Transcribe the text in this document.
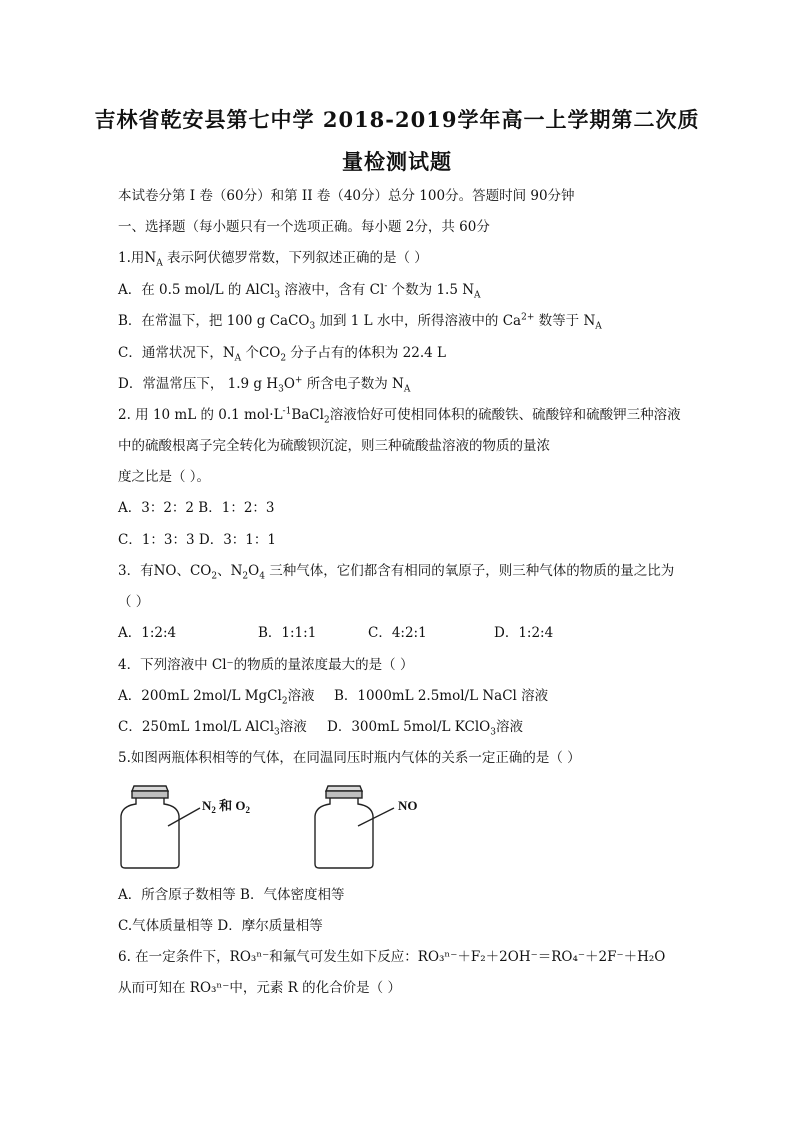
吉林省乾安县第七中学 2018-2019学年高一上学期第二次质
量检测试题
本试卷分第 I 卷（60分）和第 II 卷（40分）总分 100分。答题时间 90分钟
一、选择题（每小题只有一个选项正确。每小题 2分，共 60分
1.用$N_A$ 表示阿伏德罗常数，下列叙述正确的是（ ）
A．在 0.5 mol/L 的 AlCl$_3$ 溶液中，含有 Cl- 个数为 1.5 $N_A$
B．在常温下，把 100 g CaCO$_3$ 加到 1 L 水中，所得溶液中的 $Ca^{2+}$ 数等于 $N_A$
C．通常状况下，$N_A$ 个$CO_2$ 分子占有的体积为 22.4 L
D．常温常压下， 1.9 g $H_3O^+$ 所含电子数为 $N_A$
2. 用 10 mL 的 0.1 $mol\cdot L^{-1}BaCl_2$溶液恰好可使相同体积的硫酸铁、硫酸锌和硫酸钾三种溶液
中的硫酸根离子完全转化为硫酸钡沉淀，则三种硫酸盐溶液的物质的量浓
度之比是（ ）。
A．3：2：2 B．1：2：3
C．1：3：3 D．3：1：1
3．有NO、$CO_2$、$N_2O_4$ 三种气体，它们都含有相同的氧原子，则三种气体的物质的量之比为
（ ）
A．1:2:4	B．1:1:1	C．4:2:1	D．1:2:4
4．下列溶液中 Cl⁻的物质的量浓度最大的是（ ）
A．200mL 2mol/L MgCl$_2$溶液 B．1000mL 2.5mol/L NaCl 溶液
C．250mL 1mol/L AlCl$_3$溶液 D．300mL 5mol/L KClO$_3$溶液
5.如图两瓶体积相等的气体，在同温同压时瓶内气体的关系一定正确的是（ ）
$N_2$ 和 $O_2$	NO
A．所含原子数相等 B．气体密度相等
C.气体质量相等 D．摩尔质量相等
6. 在一定条件下，RO₃ⁿ⁻和氟气可发生如下反应：RO₃ⁿ⁻＋F₂＋2OH⁻＝RO₄⁻＋2F⁻＋H₂O
从而可知在 RO₃ⁿ⁻中，元素 R 的化合价是（ ）
